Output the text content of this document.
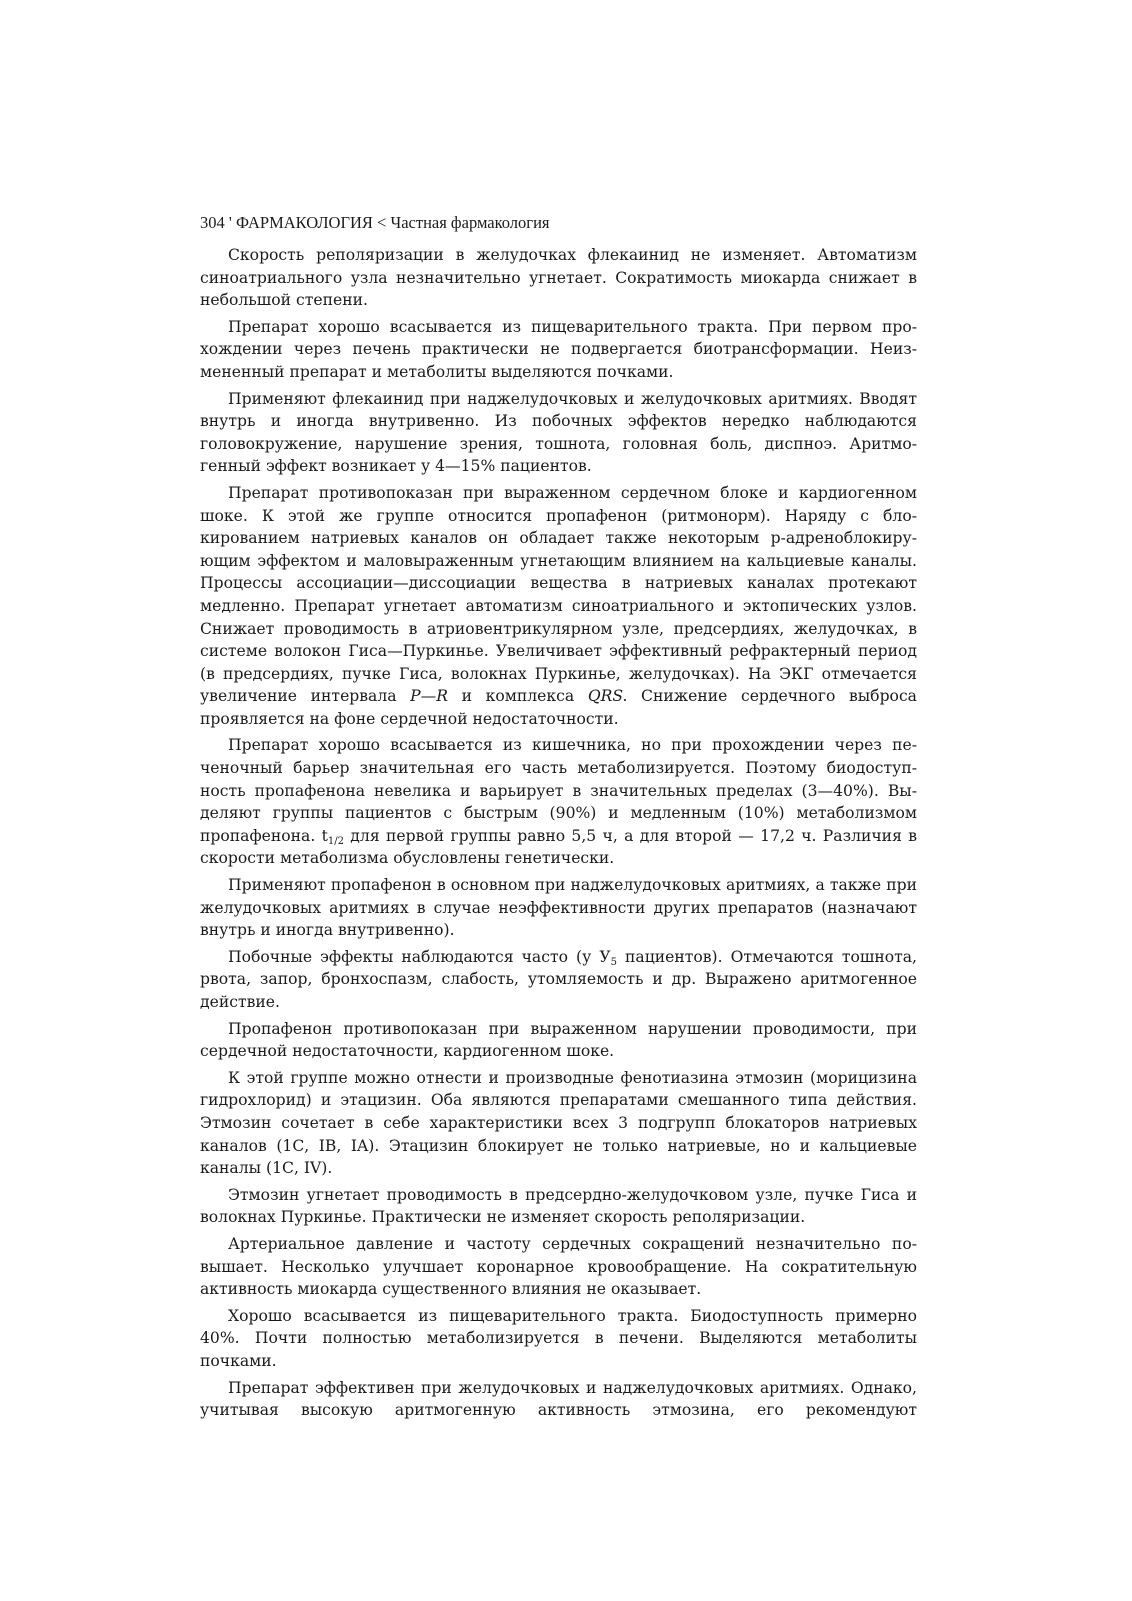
304 ' ФАРМАКОЛОГИЯ < Частная фармакология

Скорость реполяризации в желудочках флекаинид не изменяет. Автоматизм синоатриального узла незначительно угнетает. Сократимость миокарда снижает в небольшой степени.

Препарат хорошо всасывается из пищеварительного тракта. При первом прохождении через печень практически не подвергается биотрансформации. Неизмененный препарат и метаболиты выделяются почками.

Применяют флекаинид при наджелудочковых и желудочковых аритмиях. Вводят внутрь и иногда внутривенно. Из побочных эффектов нередко наблюдаются головокружение, нарушение зрения, тошнота, головная боль, диспноэ. Аритмогенный эффект возникает у 4—15% пациентов.

Препарат противопоказан при выраженном сердечном блоке и кардиогенном шоке. К этой же группе относится пропафенон (ритмонорм). Наряду с блокированием натриевых каналов он обладает также некоторым р-адреноблокирующим эффектом и маловыраженным угнетающим влиянием на кальциевые каналы. Процессы ассоциации—диссоциации вещества в натриевых каналах протекают медленно. Препарат угнетает автоматизм синоатриального и эктопических узлов. Снижает проводимость в атриовентрикулярном узле, предсердиях, желудочках, в системе волокон Гиса—Пуркинье. Увеличивает эффективный рефрактерный период (в предсердиях, пучке Гиса, волокнах Пуркинье, желудочках). На ЭКГ отмечается увеличение интервала Р—R и комплекса QRS. Снижение сердечного выброса проявляется на фоне сердечной недостаточности.

Препарат хорошо всасывается из кишечника, но при прохождении через печеночный барьер значительная его часть метаболизируется. Поэтому биодоступность пропафенона невелика и варьирует в значительных пределах (3—40%). Выделяют группы пациентов с быстрым (90%) и медленным (10%) метаболизмом пропафенона. $t_{1/2}$ для первой группы равно 5,5 ч, а для второй — 17,2 ч. Различия в скорости метаболизма обусловлены генетически.

Применяют пропафенон в основном при наджелудочковых аритмиях, а также при желудочковых аритмиях в случае неэффективности других препаратов (назначают внутрь и иногда внутривенно).

Побочные эффекты наблюдаются часто (у $У_5$ пациентов). Отмечаются тошнота, рвота, запор, бронхоспазм, слабость, утомляемость и др. Выражено аритмогенное действие.

Пропафенон противопоказан при выраженном нарушении проводимости, при сердечной недостаточности, кардиогенном шоке.

К этой группе можно отнести и производные фенотиазина этмозин (морицизина гидрохлорид) и этацизин. Оба являются препаратами смешанного типа действия. Этмозин сочетает в себе характеристики всех 3 подгрупп блокаторов натриевых каналов (1С, IB, IA). Этацизин блокирует не только натриевые, но и кальциевые каналы (1С, IV).

Этмозин угнетает проводимость в предсердно-желудочковом узле, пучке Гиса и волокнах Пуркинье. Практически не изменяет скорость реполяризации.

Артериальное давление и частоту сердечных сокращений незначительно повышает. Несколько улучшает коронарное кровообращение. На сократительную активность миокарда существенного влияния не оказывает.

Хорошо всасывается из пищеварительного тракта. Биодоступность примерно 40%. Почти полностью метаболизируется в печени. Выделяются метаболиты почками.

Препарат эффективен при желудочковых и наджелудочковых аритмиях. Однако, учитывая высокую аритмогенную активность этмозина, его рекомендуют
